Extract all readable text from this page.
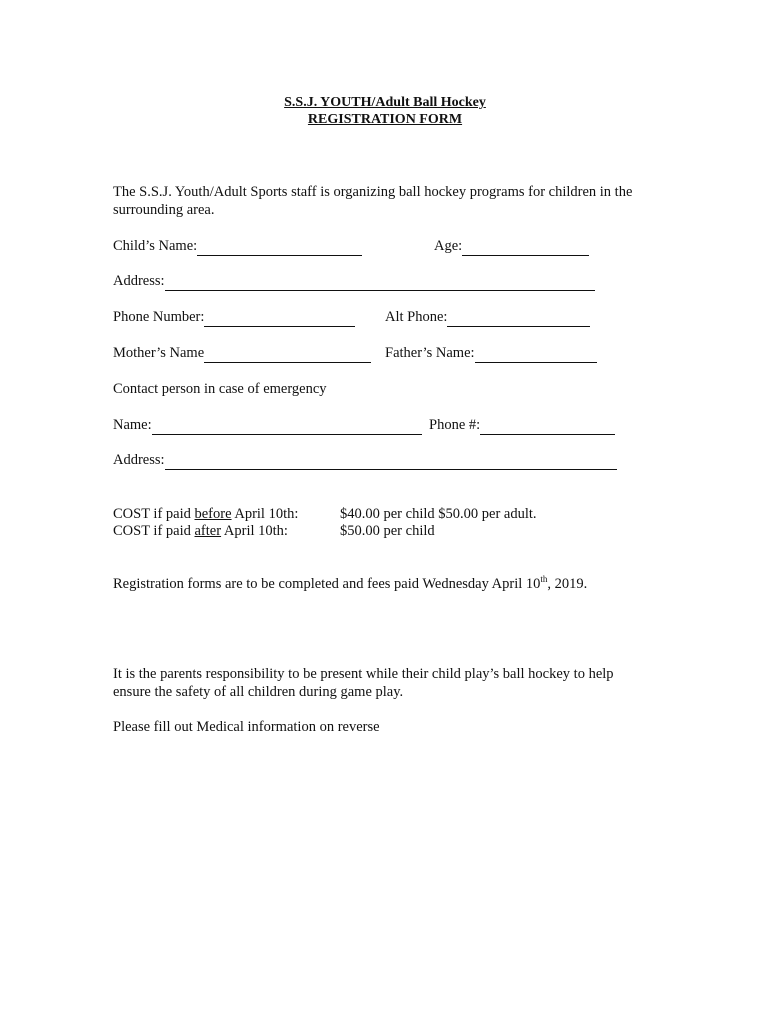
S.S.J. YOUTH/Adult Ball Hockey
REGISTRATION FORM
The S.S.J. Youth/Adult Sports staff is organizing ball hockey programs for children in the
surrounding area.
Child’s Name:	Age:
Address:
Phone Number:	Alt Phone:
Mother’s Name	Father’s Name:
Contact person in case of emergency
Name:	Phone #:
Address:
COST if paid before April 10th:	$40.00 per child $50.00 per adult.
COST if paid after April 10th:	$50.00 per child
Registration forms are to be completed and fees paid Wednesday April 10th, 2019.
It is the parents responsibility to be present while their child play’s ball hockey to help
ensure the safety of all children during game play.
Please fill out Medical information on reverse
